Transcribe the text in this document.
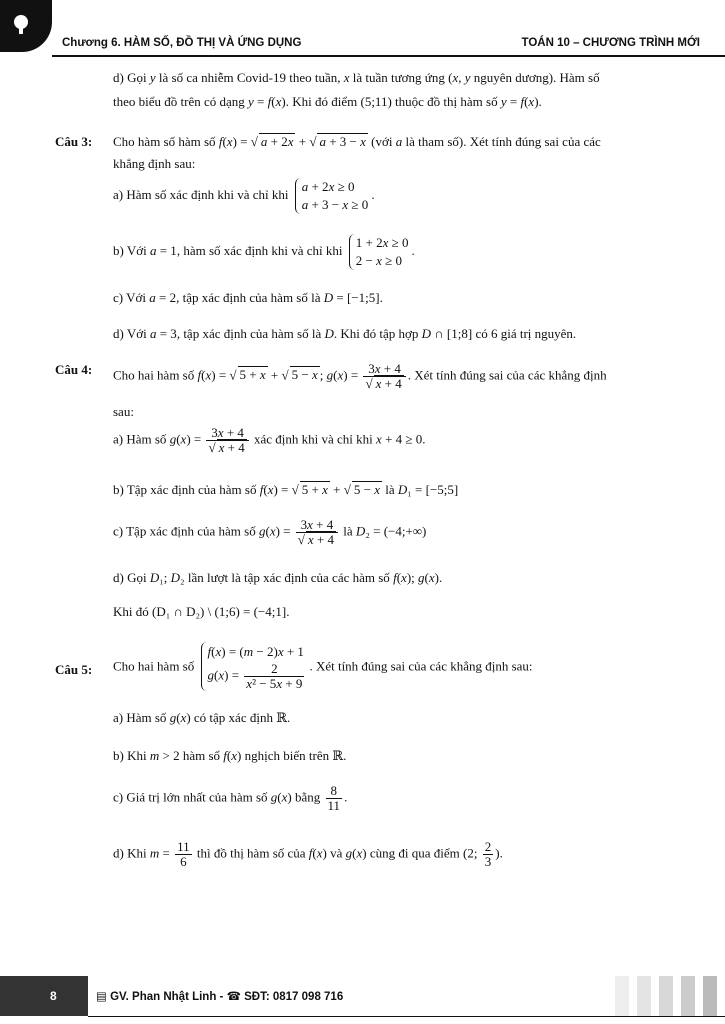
Chương 6. HÀM SỐ, ĐỒ THỊ VÀ ỨNG DỤNG	TOÁN 10 – CHƯƠNG TRÌNH MỚI
d) Gọi y là số ca nhiễm Covid-19 theo tuần, x là tuần tương ứng (x, y nguyên dương). Hàm số
theo biểu đồ trên có dạng y = f(x). Khi đó điểm (5;11) thuộc đồ thị hàm số y = f(x).
Câu 3: Cho hàm số hàm số f(x) = √ a + 2x + √ a + 3 − x (với a là tham số). Xét tính đúng sai của các
khẳng định sau:
a) Hàm số xác định khi và chỉ khi a + 2x ≥ 0
a + 3 − x ≥ 0.
b) Với a = 1, hàm số xác định khi và chỉ khi 1 + 2x ≥ 0
2 − x ≥ 0.
c) Với a = 2, tập xác định của hàm số là D = [−1;5].
d) Với a = 3, tập xác định của hàm số là D. Khi đó tập hợp D ∩ [1;8] có 6 giá trị nguyên.
Câu 4: Cho hai hàm số f(x) = √ 5 + x + √ 5 − x ; $g(x) = \frac{3x + 4}{√ x + 4}$ . Xét tính đúng sai của các khẳng định
sau:
a) Hàm số $g(x) = \frac{3x + 4}{√ x + 4}$ xác định khi và chỉ khi x + 4 ≥ 0.
b) Tập xác định của hàm số f(x) = √ 5 + x + √ 5 − x là D₁ = [−5;5]
c) Tập xác định của hàm số $g(x) = \frac{3x + 4}{√ x + 4}$ là D₂ = (−4;+∞)
d) Gọi D₁; D₂ lần lượt là tập xác định của các hàm số f(x); g(x).
Khi đó (D₁ ∩ D₂) \ (1;6) = (−4;1].
Câu 5: Cho hai hàm số f(x) = (m − 2)x + 1
$g(x) = \frac{2}{\text{x² − 5x + 9}}$ . Xét tính đúng sai của các khẳng định sau:
a) Hàm số g(x) có tập xác định ℝ.
b) Khi m > 2 hàm số f(x) nghịch biến trên ℝ.
c) Giá trị lớn nhất của hàm số g(x) bằng $\frac{8}{11}$ .
d) Khi $m = \frac{11}{6}$ thì đồ thị hàm số của f(x) và g(x) cùng đi qua điểm (2; $\frac{2}{3}$ ).
8	▤ GV. Phan Nhật Linh - ☎ SĐT: 0817 098 716
